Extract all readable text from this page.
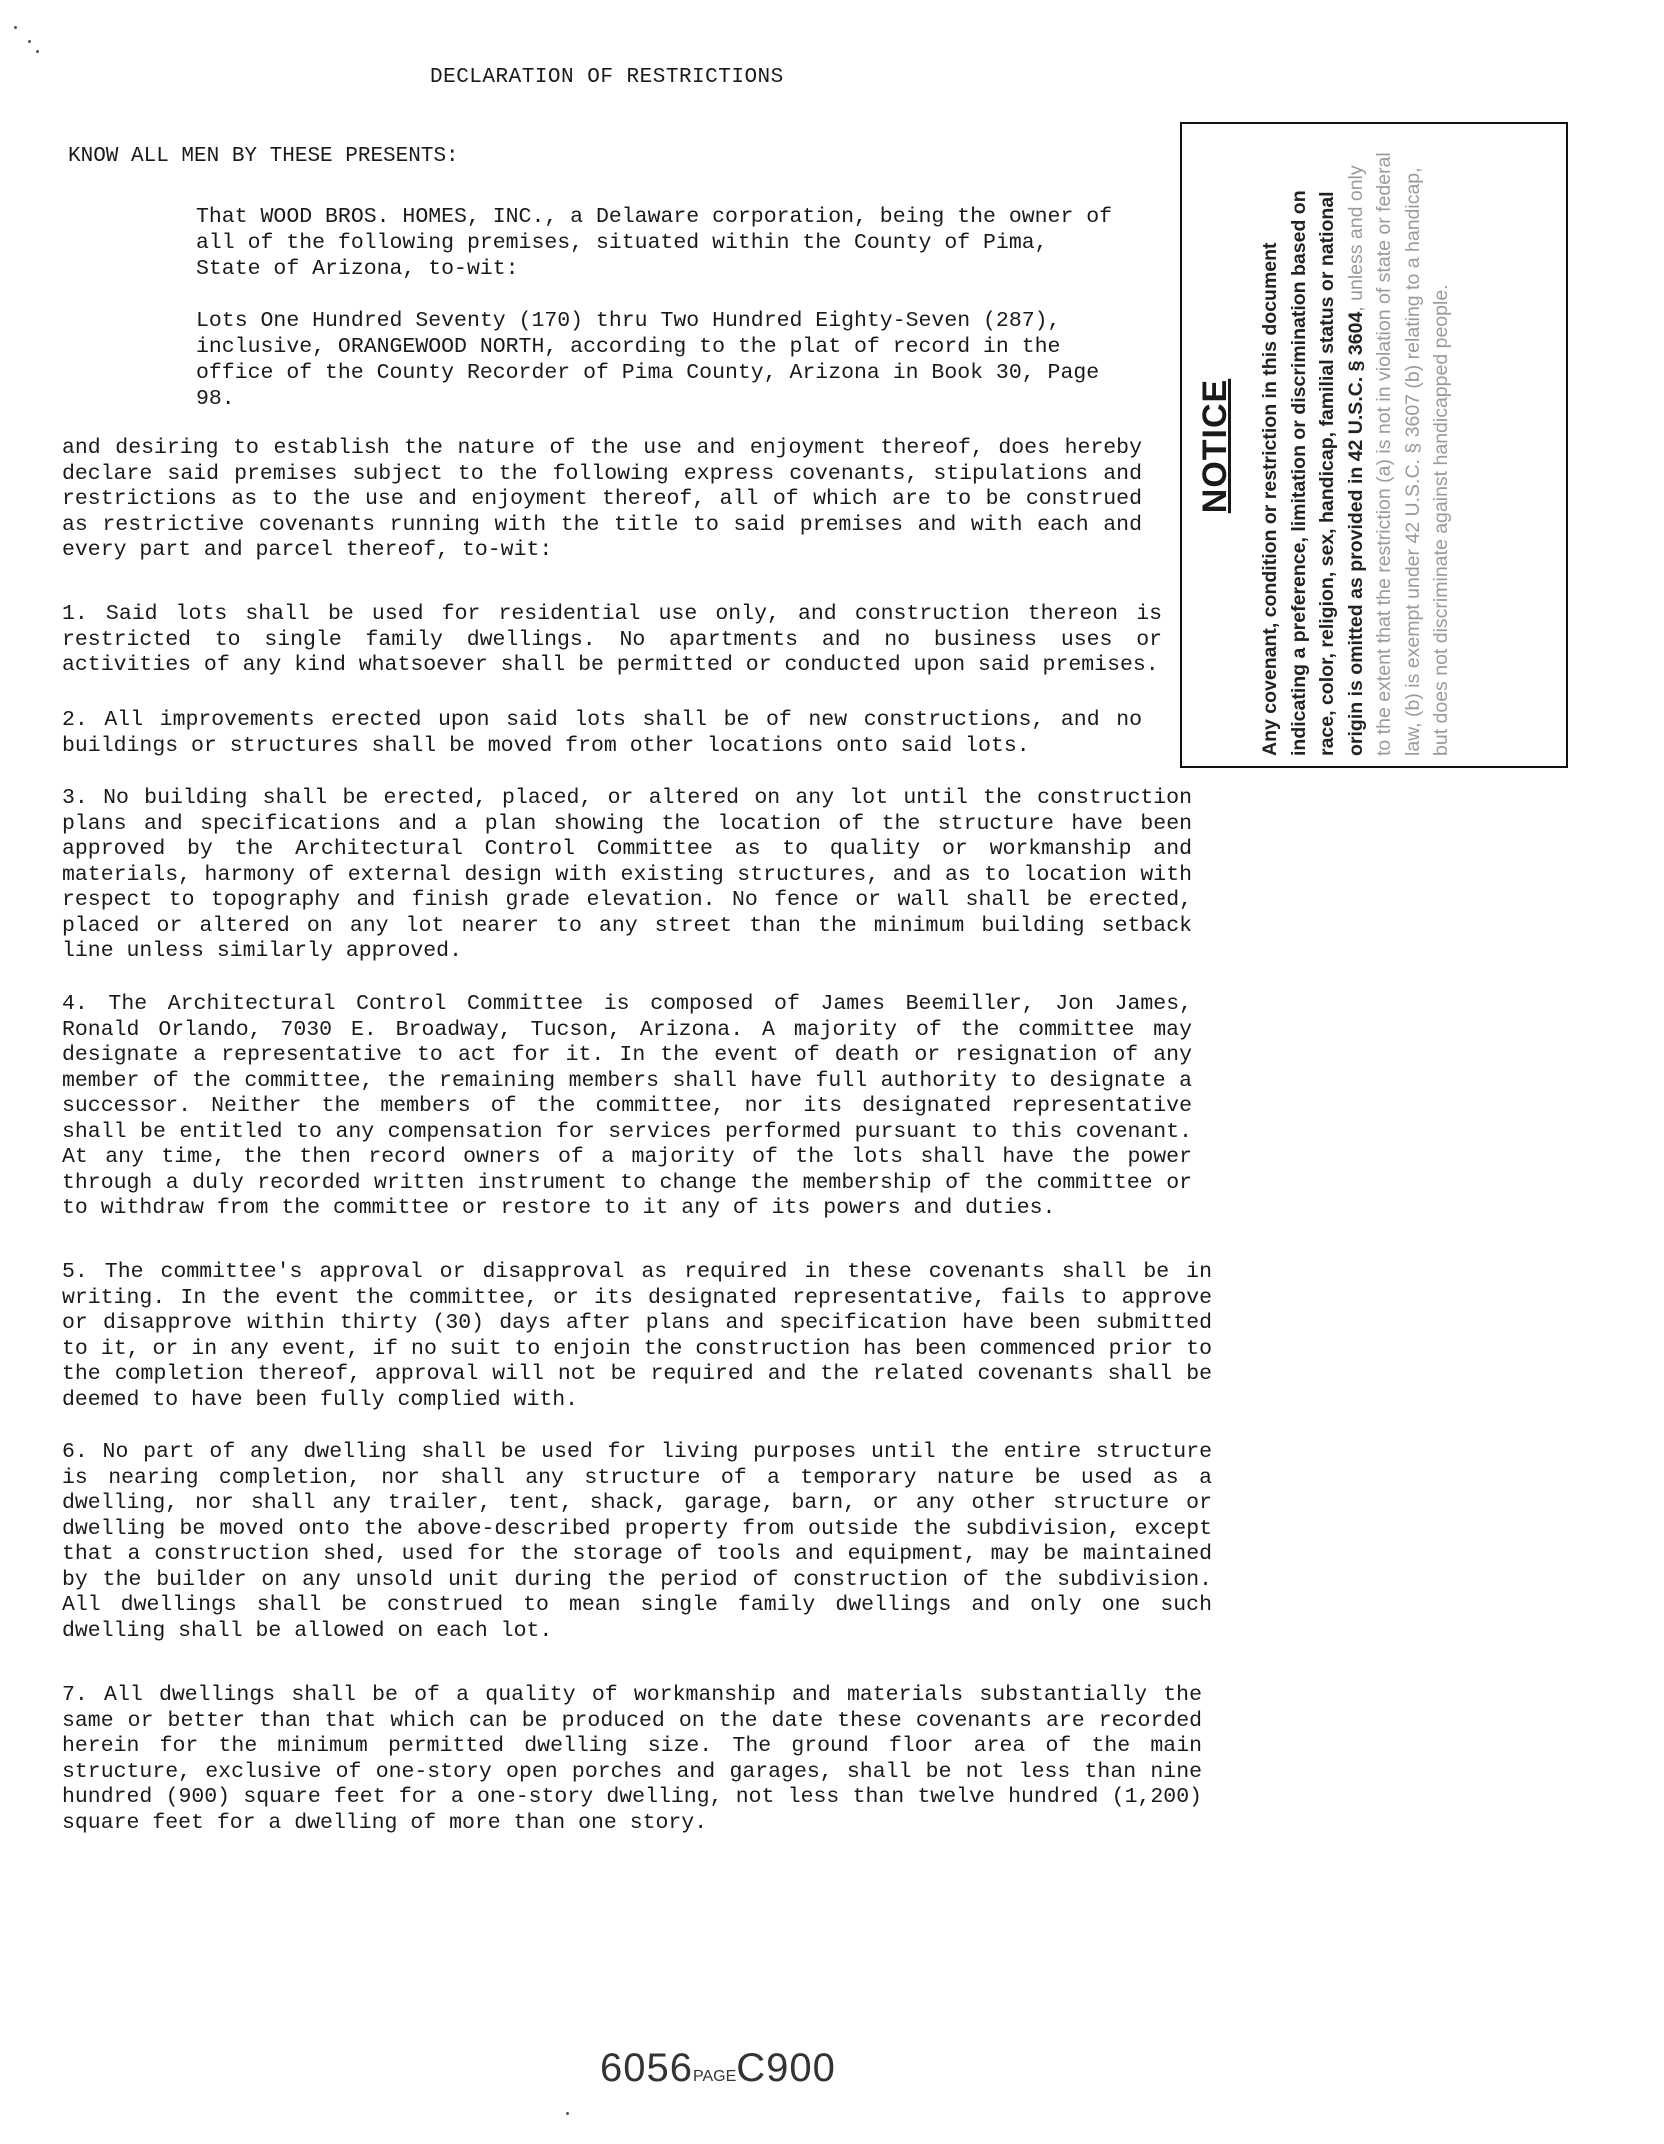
DECLARATION OF RESTRICTIONS
KNOW ALL MEN BY THESE PRESENTS:
That WOOD BROS. HOMES, INC., a Delaware corporation, being the owner of all of the following premises, situated within the County of Pima, State of Arizona, to-wit:
Lots One Hundred Seventy (170) thru Two Hundred Eighty-Seven (287), inclusive, ORANGEWOOD NORTH, according to the plat of record in the office of the County Recorder of Pima County, Arizona in Book 30, Page 98.
and desiring to establish the nature of the use and enjoyment thereof, does hereby declare said premises subject to the following express covenants, stipulations and restrictions as to the use and enjoyment thereof, all of which are to be construed as restrictive covenants running with the title to said premises and with each and every part and parcel thereof, to-wit:
1. Said lots shall be used for residential use only, and construction thereon is restricted to single family dwellings. No apartments and no business uses or activities of any kind whatsoever shall be permitted or conducted upon said premises.
2. All improvements erected upon said lots shall be of new constructions, and no buildings or structures shall be moved from other locations onto said lots.
3. No building shall be erected, placed, or altered on any lot until the construction plans and specifications and a plan showing the location of the structure have been approved by the Architectural Control Committee as to quality or workmanship and materials, harmony of external design with existing structures, and as to location with respect to topography and finish grade elevation. No fence or wall shall be erected, placed or altered on any lot nearer to any street than the minimum building setback line unless similarly approved.
4. The Architectural Control Committee is composed of James Beemiller, Jon James, Ronald Orlando, 7030 E. Broadway, Tucson, Arizona. A majority of the committee may designate a representative to act for it. In the event of death or resignation of any member of the committee, the remaining members shall have full authority to designate a successor. Neither the members of the committee, nor its designated representative shall be entitled to any compensation for services performed pursuant to this covenant. At any time, the then record owners of a majority of the lots shall have the power through a duly recorded written instrument to change the membership of the committee or to withdraw from the committee or restore to it any of its powers and duties.
5. The committee's approval or disapproval as required in these covenants shall be in writing. In the event the committee, or its designated representative, fails to approve or disapprove within thirty (30) days after plans and specification have been submitted to it, or in any event, if no suit to enjoin the construction has been commenced prior to the completion thereof, approval will not be required and the related covenants shall be deemed to have been fully complied with.
6. No part of any dwelling shall be used for living purposes until the entire structure is nearing completion, nor shall any structure of a temporary nature be used as a dwelling, nor shall any trailer, tent, shack, garage, barn, or any other structure or dwelling be moved onto the above-described property from outside the subdivision, except that a construction shed, used for the storage of tools and equipment, may be maintained by the builder on any unsold unit during the period of construction of the subdivision. All dwellings shall be construed to mean single family dwellings and only one such dwelling shall be allowed on each lot.
7. All dwellings shall be of a quality of workmanship and materials substantially the same or better than that which can be produced on the date these covenants are recorded herein for the minimum permitted dwelling size. The ground floor area of the main structure, exclusive of one-story open porches and garages, shall be not less than nine hundred (900) square feet for a one-story dwelling, not less than twelve hundred (1,200) square feet for a dwelling of more than one story.
NOTICE Any covenant, condition or restriction in this document indicating a preference, limitation or discrimination based on race, color, religion, sex, handicap, familial status or national origin is omitted as provided in 42 U.S.C. § 3604, unless and only to the extent that the restriction (a) is not in violation of state or federal law, (b) is exempt under 42 U.S.C. § 3607 (b) relating to a handicap, but does not discriminate against handicapped people.
6056PAGEC900
